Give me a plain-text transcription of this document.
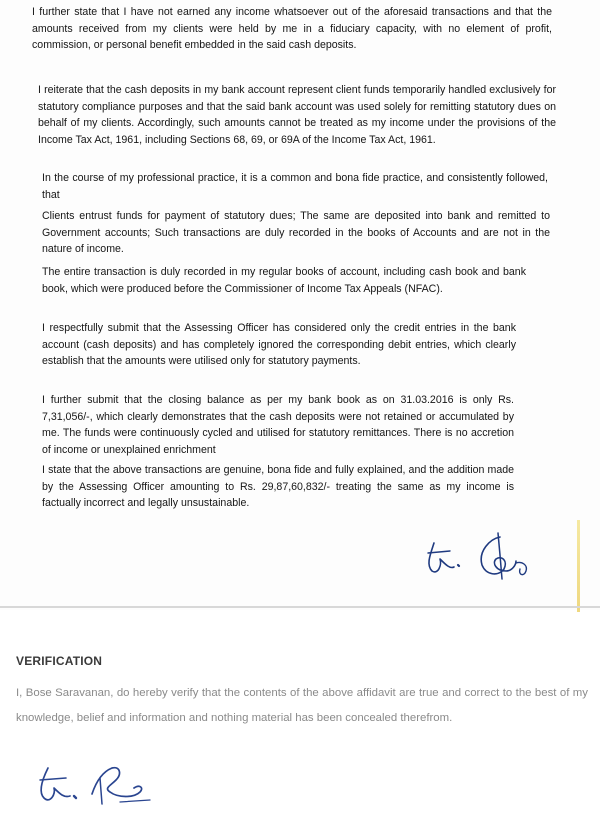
I further state that I have not earned any income whatsoever out of the aforesaid transactions and that the amounts received from my clients were held by me in a fiduciary capacity, with no element of profit, commission, or personal benefit embedded in the said cash deposits.

I reiterate that the cash deposits in my bank account represent client funds temporarily handled exclusively for statutory compliance purposes and that the said bank account was used solely for remitting statutory dues on behalf of my clients. Accordingly, such amounts cannot be treated as my income under the provisions of the Income Tax Act, 1961, including Sections 68, 69, or 69A of the Income Tax Act, 1961.

In the course of my professional practice, it is a common and bona fide practice, and consistently followed, that

Clients entrust funds for payment of statutory dues; The same are deposited into bank and remitted to Government accounts; Such transactions are duly recorded in the books of Accounts and are not in the nature of income.

The entire transaction is duly recorded in my regular books of account, including cash book and bank book, which were produced before the Commissioner of Income Tax Appeals (NFAC).

I respectfully submit that the Assessing Officer has considered only the credit entries in the bank account (cash deposits) and has completely ignored the corresponding debit entries, which clearly establish that the amounts were utilised only for statutory payments.

I further submit that the closing balance as per my bank book as on 31.03.2016 is only Rs. 7,31,056/-, which clearly demonstrates that the cash deposits were not retained or accumulated by me. The funds were continuously cycled and utilised for statutory remittances. There is no accretion of income or unexplained enrichment

I state that the above transactions are genuine, bona fide and fully explained, and the addition made by the Assessing Officer amounting to Rs. 29,87,60,832/- treating the same as my income is factually incorrect and legally unsustainable.

VERIFICATION

I, Bose Saravanan, do hereby verify that the contents of the above affidavit are true and correct to the best of my knowledge, belief and information and nothing material has been concealed therefrom.
